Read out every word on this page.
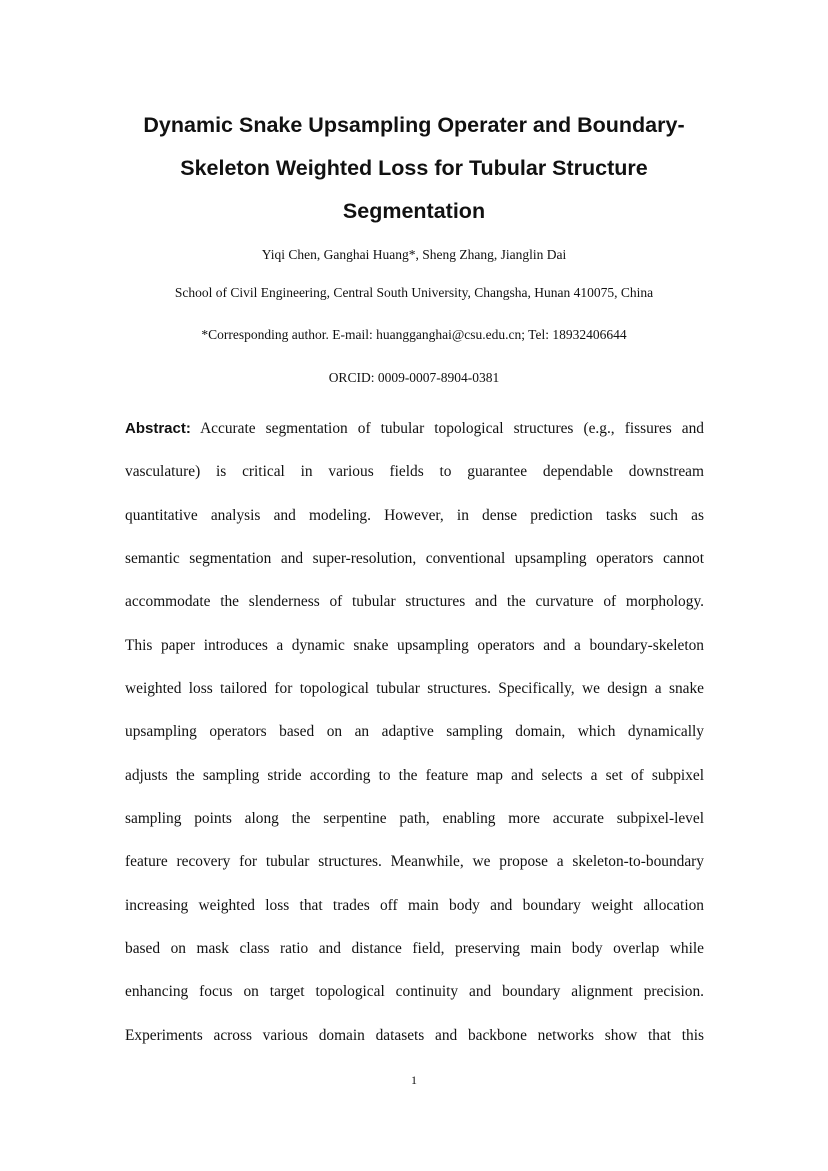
Dynamic Snake Upsampling Operater and Boundary-
Skeleton Weighted Loss for Tubular Structure
Segmentation

Yiqi Chen, Ganghai Huang*, Sheng Zhang, Jianglin Dai

School of Civil Engineering, Central South University, Changsha, Hunan 410075, China

*Corresponding author. E-mail: huangganghai@csu.edu.cn; Tel: 18932406644

ORCID: 0009-0007-8904-0381

Abstract: Accurate segmentation of tubular topological structures (e.g., fissures and
vasculature) is critical in various fields to guarantee dependable downstream
quantitative analysis and modeling. However, in dense prediction tasks such as
semantic segmentation and super-resolution, conventional upsampling operators cannot
accommodate the slenderness of tubular structures and the curvature of morphology.
This paper introduces a dynamic snake upsampling operators and a boundary-skeleton
weighted loss tailored for topological tubular structures. Specifically, we design a snake
upsampling operators based on an adaptive sampling domain, which dynamically
adjusts the sampling stride according to the feature map and selects a set of subpixel
sampling points along the serpentine path, enabling more accurate subpixel-level
feature recovery for tubular structures. Meanwhile, we propose a skeleton-to-boundary
increasing weighted loss that trades off main body and boundary weight allocation
based on mask class ratio and distance field, preserving main body overlap while
enhancing focus on target topological continuity and boundary alignment precision.
Experiments across various domain datasets and backbone networks show that this

1
